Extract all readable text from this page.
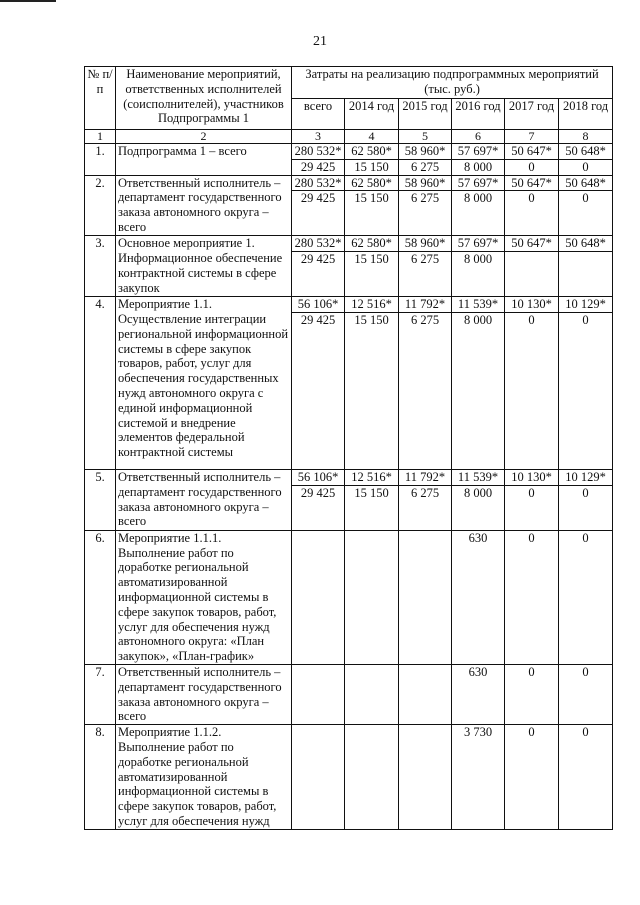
21
№ п/п	Наименование мероприятий, ответственных исполнителей (соисполнителей), участников Подпрограммы 1	Затраты на реализацию подпрограммных мероприятий (тыс. руб.)					
		всего	2014 год	2015 год	2016 год	2017 год	2018 год
1	2	3	4	5	6	7	8
1.	Подпрограмма 1 – всего	280 532*	62 580*	58 960*	57 697*	50 647*	50 648*
		29 425	15 150	6 275	8 000	0	0
2.	Ответственный исполнитель – департамент государственного заказа автономного округа – всего	280 532*	62 580*	58 960*	57 697*	50 647*	50 648*
		29 425	15 150	6 275	8 000	0	0
3.	Основное мероприятие 1. Информационное обеспечение контрактной системы в сфере закупок	280 532*	62 580*	58 960*	57 697*	50 647*	50 648*
		29 425	15 150	6 275	8 000		
4.	Мероприятие 1.1. Осуществление интеграции региональной информационной системы в сфере закупок товаров, работ, услуг для обеспечения государственных нужд автономного округа с единой информационной системой и внедрение элементов федеральной контрактной системы	56 106*	12 516*	11 792*	11 539*	10 130*	10 129*
		29 425	15 150	6 275	8 000	0	0
5.	Ответственный исполнитель – департамент государственного заказа автономного округа – всего	56 106*	12 516*	11 792*	11 539*	10 130*	10 129*
		29 425	15 150	6 275	8 000	0	0
6.	Мероприятие 1.1.1. Выполнение работ по доработке региональной автоматизированной информационной системы в сфере закупок товаров, работ, услуг для обеспечения нужд автономного округа: «План закупок», «План-график»				630	0	0
7.	Ответственный исполнитель – департамент государственного заказа автономного округа – всего				630	0	0
8.	Мероприятие 1.1.2. Выполнение работ по доработке региональной автоматизированной информационной системы в сфере закупок товаров, работ, услуг для обеспечения нужд				3 730	0	0
